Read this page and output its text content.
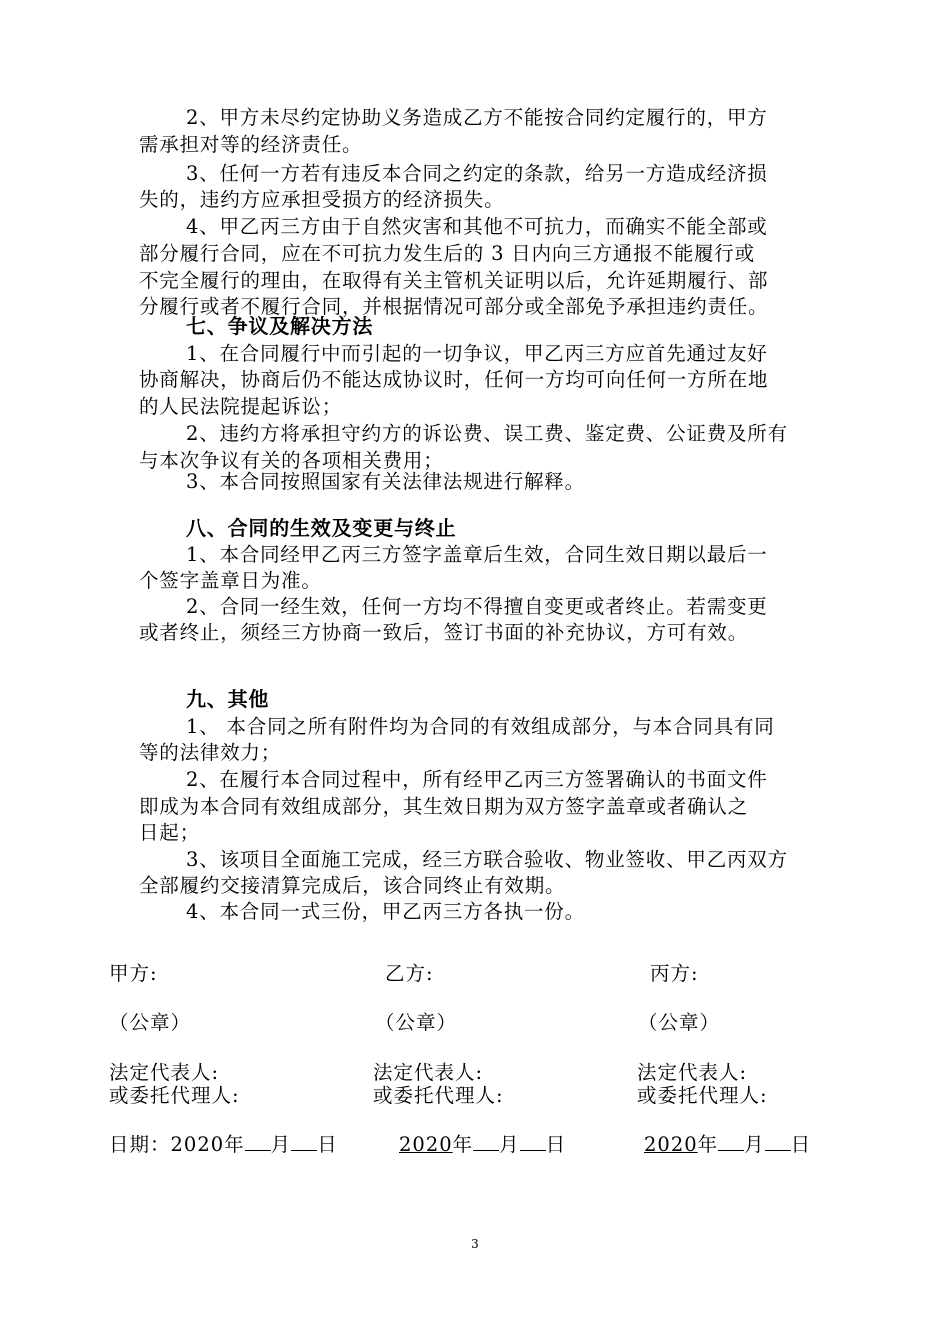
2、甲方未尽约定协助义务造成乙方不能按合同约定履行的，甲方
需承担对等的经济责任。
3、任何一方若有违反本合同之约定的条款，给另一方造成经济损
失的，违约方应承担受损方的经济损失。
4、甲乙丙三方由于自然灾害和其他不可抗力，而确实不能全部或
部分履行合同，应在不可抗力发生后的 3 日内向三方通报不能履行或
不完全履行的理由，在取得有关主管机关证明以后，允许延期履行、部
分履行或者不履行合同，并根据情况可部分或全部免予承担违约责任。
七、争议及解决方法
1、在合同履行中而引起的一切争议，甲乙丙三方应首先通过友好
协商解决，协商后仍不能达成协议时，任何一方均可向任何一方所在地
的人民法院提起诉讼；
2、违约方将承担守约方的诉讼费、误工费、鉴定费、公证费及所有
与本次争议有关的各项相关费用；
3、本合同按照国家有关法律法规进行解释。
八、合同的生效及变更与终止
1、本合同经甲乙丙三方签字盖章后生效，合同生效日期以最后一
个签字盖章日为准。
2、合同一经生效，任何一方均不得擅自变更或者终止。若需变更
或者终止，须经三方协商一致后，签订书面的补充协议，方可有效。
九、其他
1、 本合同之所有附件均为合同的有效组成部分，与本合同具有同
等的法律效力；
2、在履行本合同过程中，所有经甲乙丙三方签署确认的书面文件
即成为本合同有效组成部分，其生效日期为双方签字盖章或者确认之
日起；
3、该项目全面施工完成，经三方联合验收、物业签收、甲乙丙双方
全部履约交接清算完成后，该合同终止有效期。
4、本合同一式三份，甲乙丙三方各执一份。
甲方:	乙方:	丙方:
（公章）	（公章）	（公章）
法定代表人:	法定代表人:	法定代表人:
或委托代理人:	或委托代理人:	或委托代理人:
日期：2020年 月 日	2020年 月 日	2020年 月 日
3
